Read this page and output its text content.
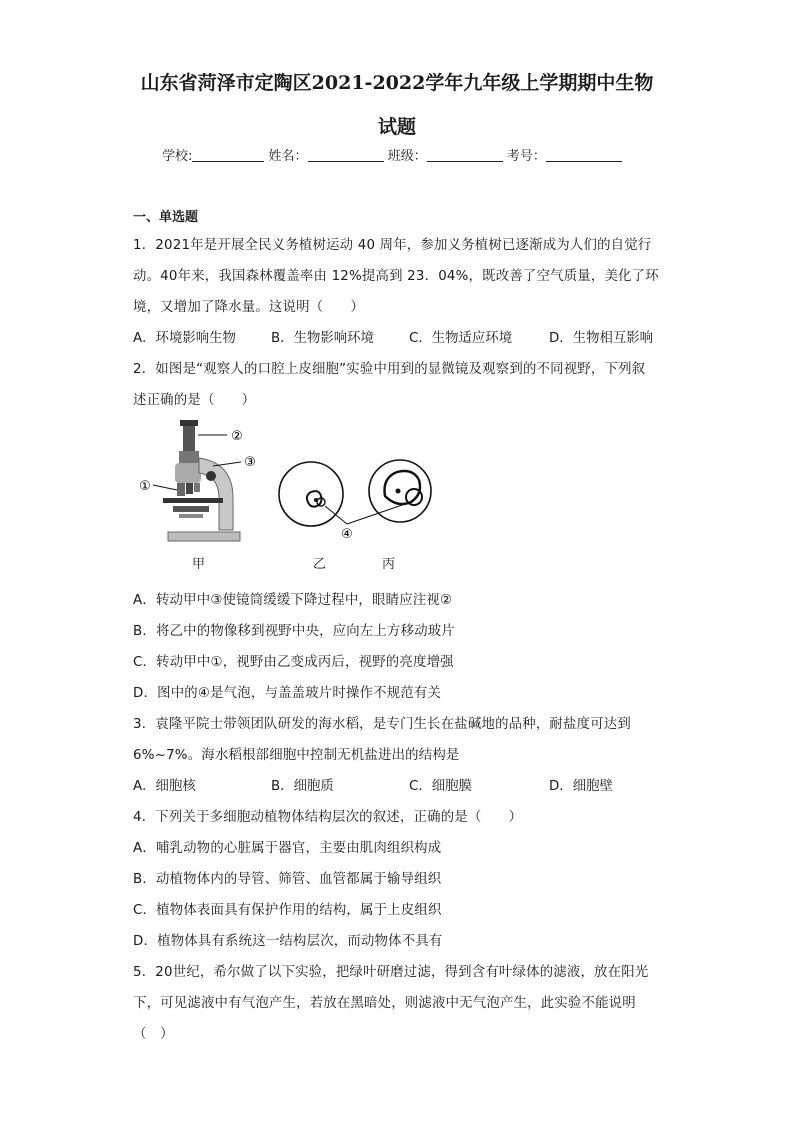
山东省菏泽市定陶区2021-2022学年九年级上学期期中生物
试题
学校:	姓名：	班级：	考号：
一、单选题
1．2021年是开展全民义务植树运动 40 周年，参加义务植树已逐渐成为人们的自觉行
动。40年来，我国森林覆盖率由 12%提高到 23．04%，既改善了空气质量，美化了环
境，又增加了降水量。这说明（　　）
A．环境影响生物	B．生物影响环境	C．生物适应环境	D．生物相互影响
2．如图是“观察人的口腔上皮细胞”实验中用到的显微镜及观察到的不同视野，下列叙
述正确的是（　　）
①
②
③
④
甲	乙	丙
A．转动甲中③使镜筒缓缓下降过程中，眼睛应注视②
B．将乙中的物像移到视野中央，应向左上方移动玻片
C．转动甲中①，视野由乙变成丙后，视野的亮度增强
D．图中的④是气泡，与盖盖玻片时操作不规范有关
3．袁隆平院士带领团队研发的海水稻，是专门生长在盐碱地的品种，耐盐度可达到
6%~7%。海水稻根部细胞中控制无机盐进出的结构是
A．细胞核	B．细胞质	C．细胞膜	D．细胞壁
4．下列关于多细胞动植物体结构层次的叙述，正确的是（　　）
A．哺乳动物的心脏属于器官，主要由肌肉组织构成
B．动植物体内的导管、筛管、血管都属于输导组织
C．植物体表面具有保护作用的结构，属于上皮组织
D．植物体具有系统这一结构层次，而动物体不具有
5．20世纪，希尔做了以下实验，把绿叶研磨过滤，得到含有叶绿体的滤液，放在阳光
下，可见滤液中有气泡产生，若放在黑暗处，则滤液中无气泡产生，此实验不能说明
（　）
